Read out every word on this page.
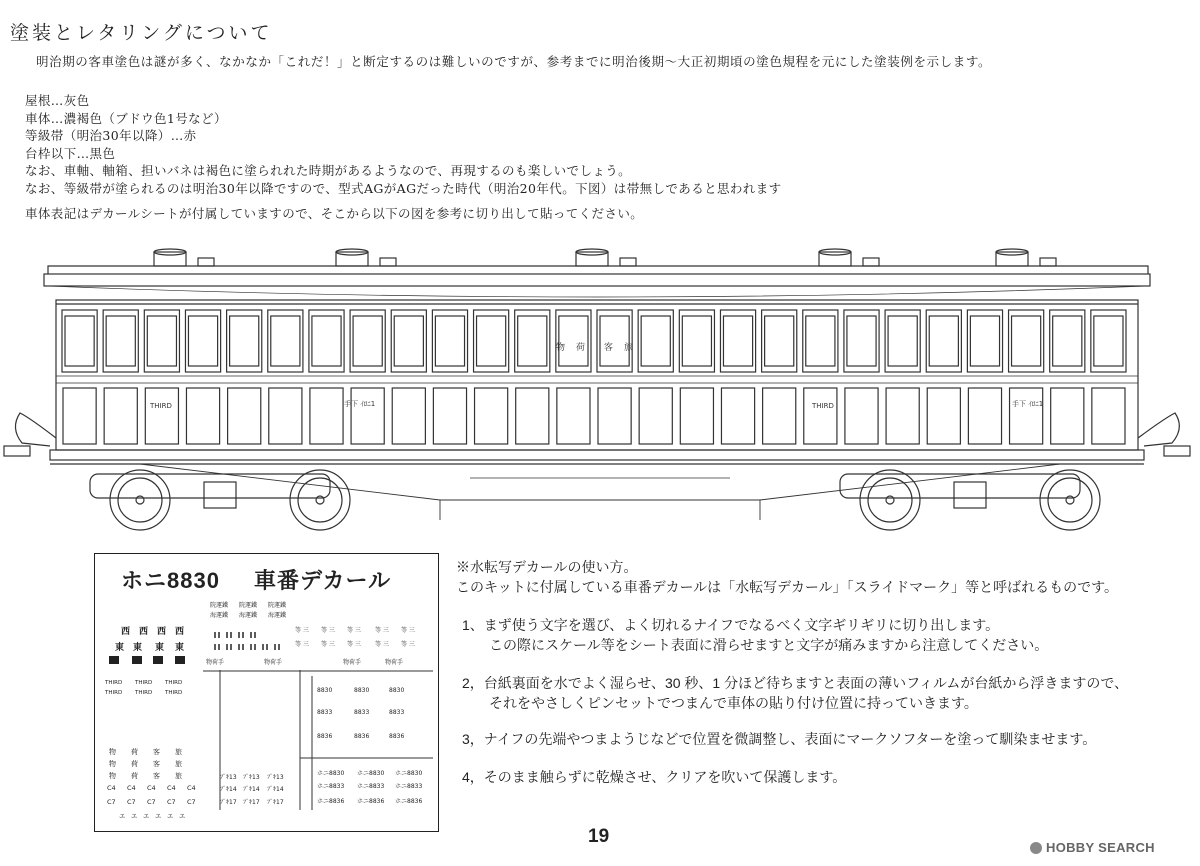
塗装とレタリングについて
明治期の客車塗色は謎が多く、なかなか「これだ！」と断定するのは難しいのですが、参考までに明治後期〜大正初期頃の塗色規程を元にした塗装例を示します。
屋根…灰色
車体…濃褐色（ブドウ色1号など）
等級帯（明治30年以降）…赤
台枠以下…黒色
なお、車軸、軸箱、担いバネは褐色に塗られれた時期があるようなので、再現するのも楽しいでしょう。
なお、等級帯が塗られるのは明治30年以降ですので、型式AGがAGだった時代（明治20年代。下図）は帯無しであると思われます
車体表記はデカールシートが付属していますので、そこから以下の図を参考に切り出して貼ってください。
THIRD	THIRD
手下 ｲﾛﾆ1	手下 ｲﾛﾆ1
物 荷 客 旅
ホニ8830 車番デカール
西 西 西 西
東 東 東 東
THIRD THIRD THIRD
THIRD THIRD THIRD
物 荷 客 旅
物 荷 客 旅
物 荷 客 旅
C4 C4 C4 C4 C4
C7 C7 C7 C7 C7
エ エ エ エ エ エ
院運鐵 院運鐵 院運鐵
海運鐵 海運鐵 海運鐵
物荷手	物荷手	物荷手	物荷手
ﾌﾞｷ13 ﾌﾞｷ13 ﾌﾞｷ13
ﾌﾞｷ14 ﾌﾞｷ14 ﾌﾞｷ14
ﾌﾞｷ17 ﾌﾞｷ17 ﾌﾞｷ17
等 三 等 三 等 三 等 三 等 三
等 三 等 三 等 三 等 三 等 三
8830	8830	8830
8833	8833	8833
8836	8836	8836
ホニ8830 ホニ8830 ホニ8830
ホニ8833 ホニ8833 ホニ8833
ホニ8836 ホニ8836 ホニ8836
※水転写デカールの使い方。
このキットに付属している車番デカールは「水転写デカール」「スライドマーク」等と呼ばれるものです。
1、まず使う文字を選び、よく切れるナイフでなるべく文字ギリギリに切り出します。
この際にスケール等をシート表面に滑らせますと文字が痛みますから注意してください。
2，台紙裏面を水でよく湿らせ、30 秒、1 分ほど待ちますと表面の薄いフィルムが台紙から浮きますので、
それをやさしくピンセットでつまんで車体の貼り付け位置に持っていきます。
3，ナイフの先端やつまようじなどで位置を微調整し、表面にマークソフターを塗って馴染ませます。
4，そのまま触らずに乾燥させ、クリアを吹いて保護します。
19
HOBBY SEARCH
